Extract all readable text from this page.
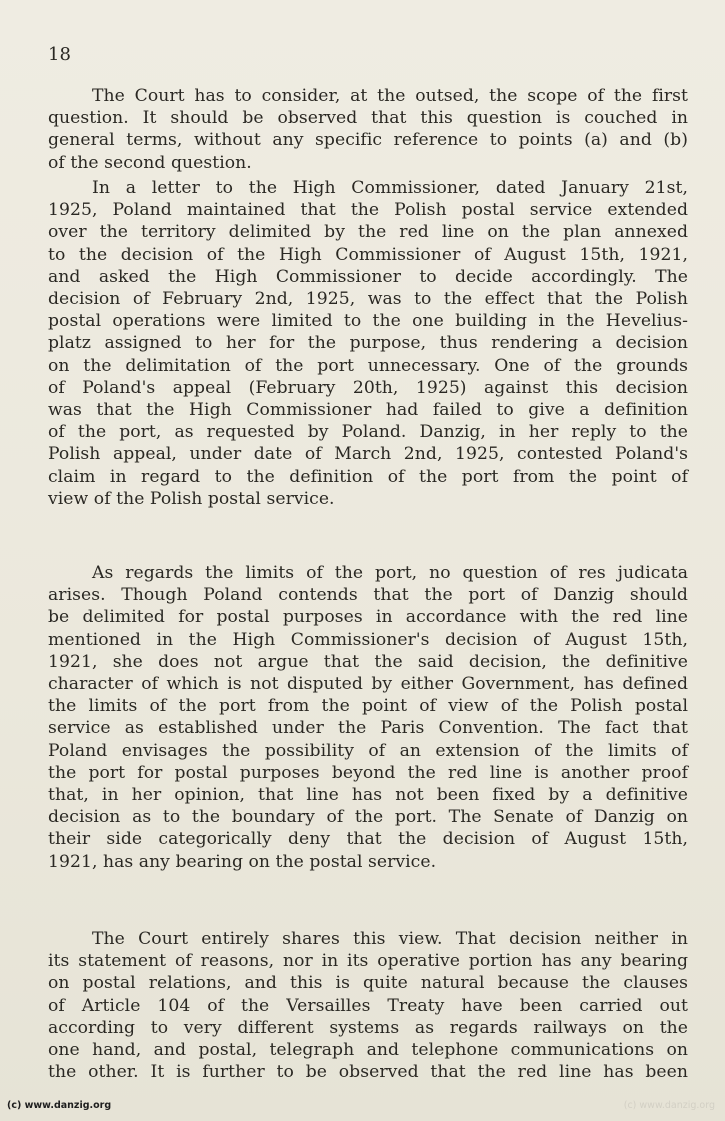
18
The Court has to consider, at the outsed, the scope of the first
question. It should be observed that this question is couched in
general terms, without any specific reference to points (a) and (b)
of the second question.
In a letter to the High Commissioner, dated January 21st,
1925, Poland maintained that the Polish postal service extended
over the territory delimited by the red line on the plan annexed
to the decision of the High Commissioner of August 15th, 1921,
and asked the High Commissioner to decide accordingly. The
decision of February 2nd, 1925, was to the effect that the Polish
postal operations were limited to the one building in the Hevelius-
platz assigned to her for the purpose, thus rendering a decision
on the delimitation of the port unnecessary. One of the grounds
of Poland's appeal (February 20th, 1925) against this decision
was that the High Commissioner had failed to give a definition
of the port, as requested by Poland. Danzig, in her reply to the
Polish appeal, under date of March 2nd, 1925, contested Poland's
claim in regard to the definition of the port from the point of
view of the Polish postal service.
As regards the limits of the port, no question of res judicata
arises. Though Poland contends that the port of Danzig should
be delimited for postal purposes in accordance with the red line
mentioned in the High Commissioner's decision of August 15th,
1921, she does not argue that the said decision, the definitive
character of which is not disputed by either Government, has defined
the limits of the port from the point of view of the Polish postal
service as established under the Paris Convention. The fact that
Poland envisages the possibility of an extension of the limits of
the port for postal purposes beyond the red line is another proof
that, in her opinion, that line has not been fixed by a definitive
decision as to the boundary of the port. The Senate of Danzig on
their side categorically deny that the decision of August 15th,
1921, has any bearing on the postal service.
The Court entirely shares this view. That decision neither in
its statement of reasons, nor in its operative portion has any bearing
on postal relations, and this is quite natural because the clauses
of Article 104 of the Versailles Treaty have been carried out
according to very different systems as regards railways on the
one hand, and postal, telegraph and telephone communications on
the other. It is further to be observed that the red line has been
(c) www.danzig.org	(c) www.danzig.org
